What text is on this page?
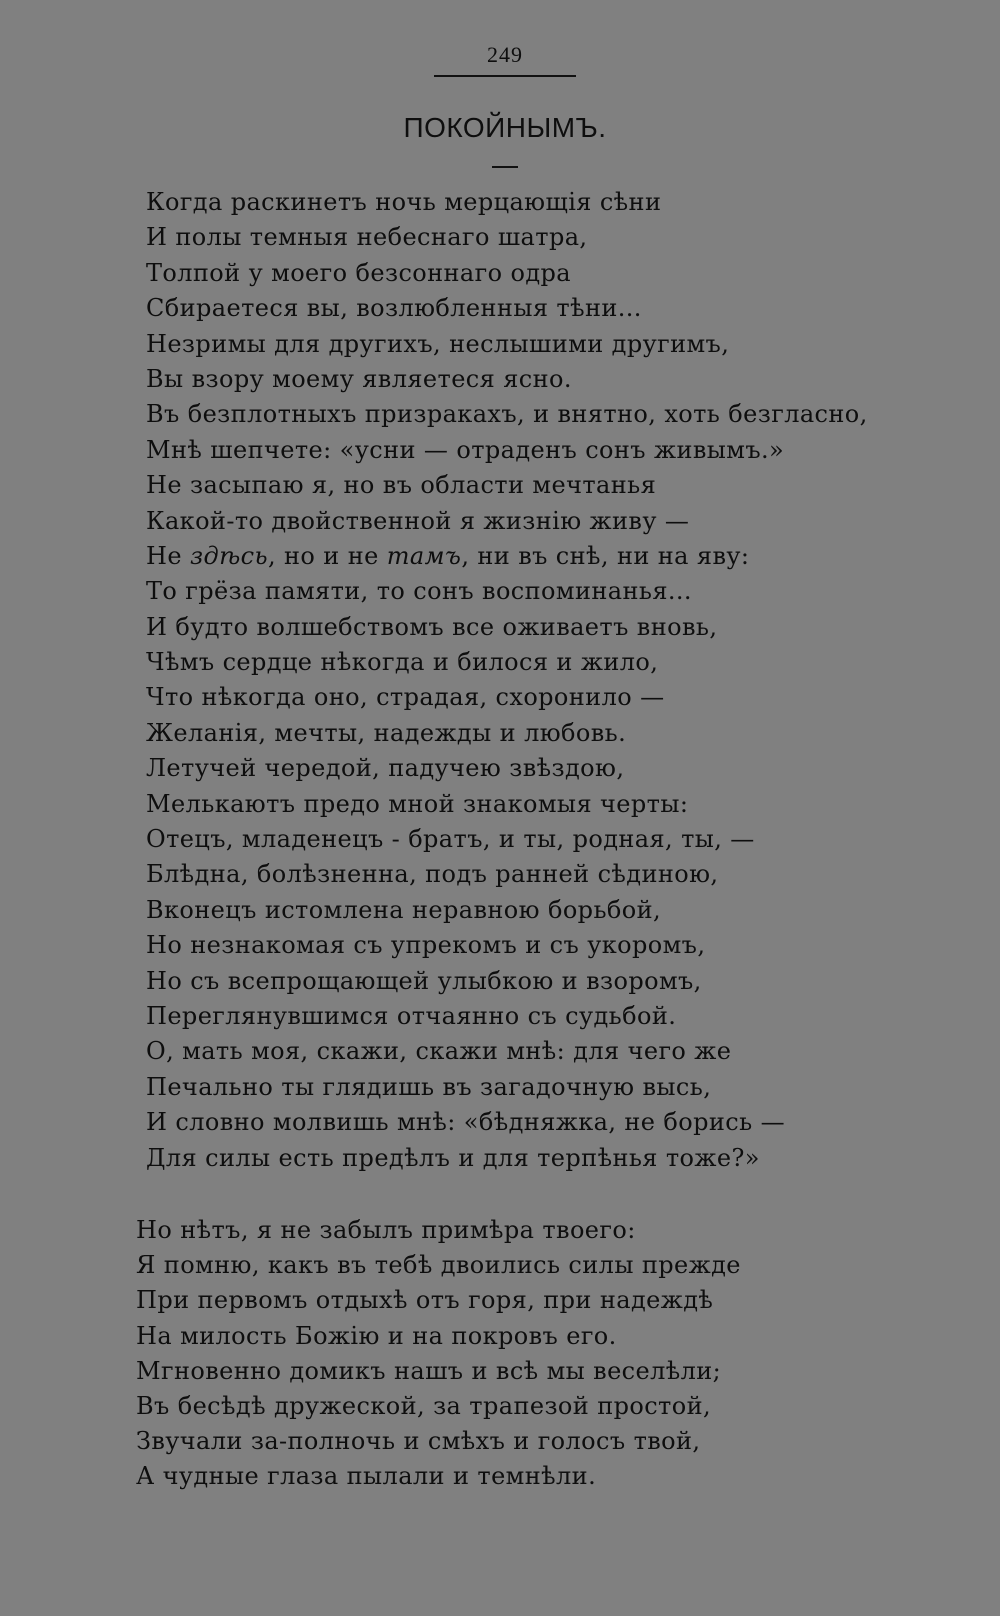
249
ПОКОЙНЫМЪ.
Когда раскинетъ ночь мерцающія сѣни
И полы темныя небеснаго шатра,
Толпой у моего безсоннаго одра
Сбираетеся вы, возлюбленныя тѣни...
Незримы для другихъ, неслышими другимъ,
Вы взору моему являетеся ясно.
Въ безплотныхъ призракахъ, и внятно, хоть безгласно,
Мнѣ шепчете: «усни — отраденъ сонъ живымъ.»
Не засыпаю я, но въ области мечтанья
Какой-то двойственной я жизнію живу —
Не здѣсь, но и не тамъ, ни въ снѣ, ни на яву:
То грёза памяти, то сонъ воспоминанья...
И будто волшебствомъ все оживаетъ вновь,
Чѣмъ сердце нѣкогда и билося и жило,
Что нѣкогда оно, страдая, схоронило —
Желанія, мечты, надежды и любовь.
Летучей чередой, падучею звѣздою,
Мелькаютъ предо мной знакомыя черты:
Отецъ, младенецъ - братъ, и ты, родная, ты, —
Блѣдна, болѣзненна, подъ ранней сѣдиною,
Вконецъ истомлена неравною борьбой,
Но незнакомая съ упрекомъ и съ укоромъ,
Но съ всепрощающей улыбкою и взоромъ,
Переглянувшимся отчаянно съ судьбой.
О, мать моя, скажи, скажи мнѣ: для чего же
Печально ты глядишь въ загадочную высь,
И словно молвишь мнѣ: «бѣдняжка, не борись —
Для силы есть предѣлъ и для терпѣнья тоже?»
Но нѣтъ, я не забылъ примѣра твоего:
Я помню, какъ въ тебѣ двоились силы прежде
При первомъ отдыхѣ отъ горя, при надеждѣ
На милость Божію и на покровъ его.
Мгновенно домикъ нашъ и всѣ мы веселѣли;
Въ бесѣдѣ дружеской, за трапезой простой,
Звучали за-полночь и смѣхъ и голосъ твой,
А чудные глаза пылали и темнѣли.
